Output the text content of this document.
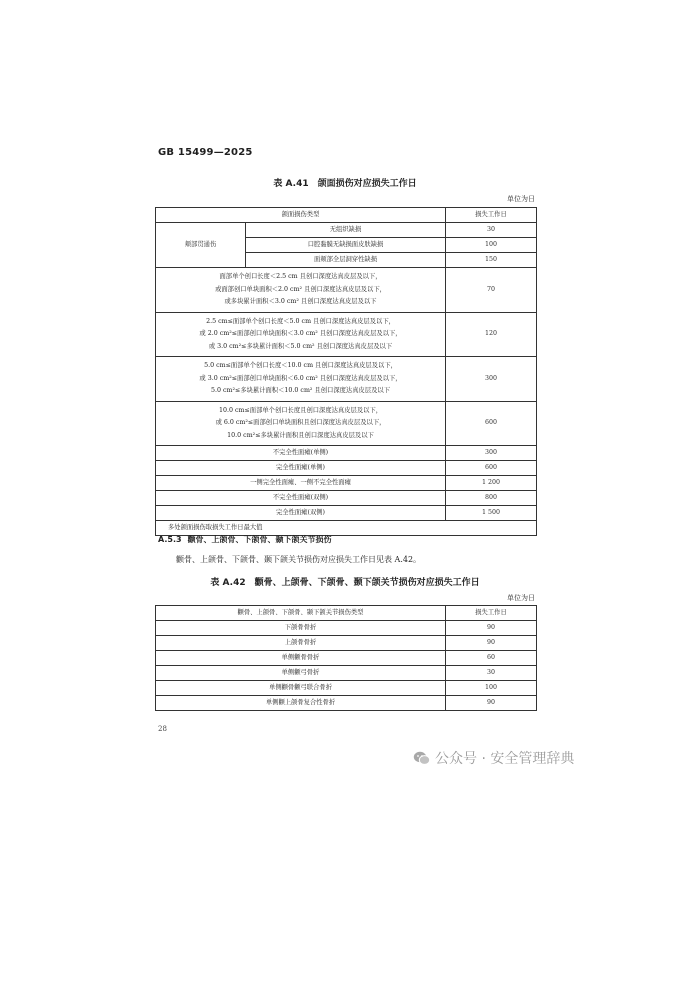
GB 15499—2025
表 A.41　颌面损伤对应损失工作日
单位为日
颌面损伤类型		损失工作日
颊部贯通伤	无组织缺损	30
	口腔黏膜无缺损面皮肤缺损	100
	面颊部全层洞穿性缺损	150

面部单个创口长度＜2.5 cm 且创口深度达真皮层及以下，
或面部创口单块面积＜2.0 cm² 且创口深度达真皮层及以下，
或多块累计面积＜3.0 cm² 且创口深度达真皮层及以下		70

2.5 cm≤面部单个创口长度＜5.0 cm 且创口深度达真皮层及以下，
或 2.0 cm²≤面部创口单块面积＜3.0 cm² 且创口深度达真皮层及以下，
或 3.0 cm²≤多块累计面积＜5.0 cm² 且创口深度达真皮层及以下		120

5.0 cm≤面部单个创口长度＜10.0 cm 且创口深度达真皮层及以下，
或 3.0 cm²≤面部创口单块面积＜6.0 cm² 且创口深度达真皮层及以下，
5.0 cm²≤多块累计面积＜10.0 cm² 且创口深度达真皮层及以下		300

10.0 cm≤面部单个创口长度且创口深度达真皮层及以下，
或 6.0 cm²≤面部创口单块面积且创口深度达真皮层及以下，
10.0 cm²≤多块累计面积且创口深度达真皮层及以下		600
不完全性面瘫(单侧)		300
完全性面瘫(单侧)		600
一侧完全性面瘫、一侧不完全性面瘫		1 200
不完全性面瘫(双侧)		800
完全性面瘫(双侧)		1 500
多处颌面损伤取损失工作日最大值		
A.5.3 颧骨、上颌骨、下颌骨、颞下颌关节损伤
颧骨、上颌骨、下颌骨、颞下颌关节损伤对应损失工作日见表 A.42。
表 A.42　颧骨、上颌骨、下颌骨、颞下颌关节损伤对应损失工作日
单位为日
颧骨、上颌骨、下颌骨、颞下颌关节损伤类型	损失工作日
下颌骨骨折	90
上颌骨骨折	90
单侧颧骨骨折	60
单侧颧弓骨折	30
单侧颧骨颧弓联合骨折	100
单侧颧上颌骨复合性骨折	90
28
公众号 · 安全管理辞典
